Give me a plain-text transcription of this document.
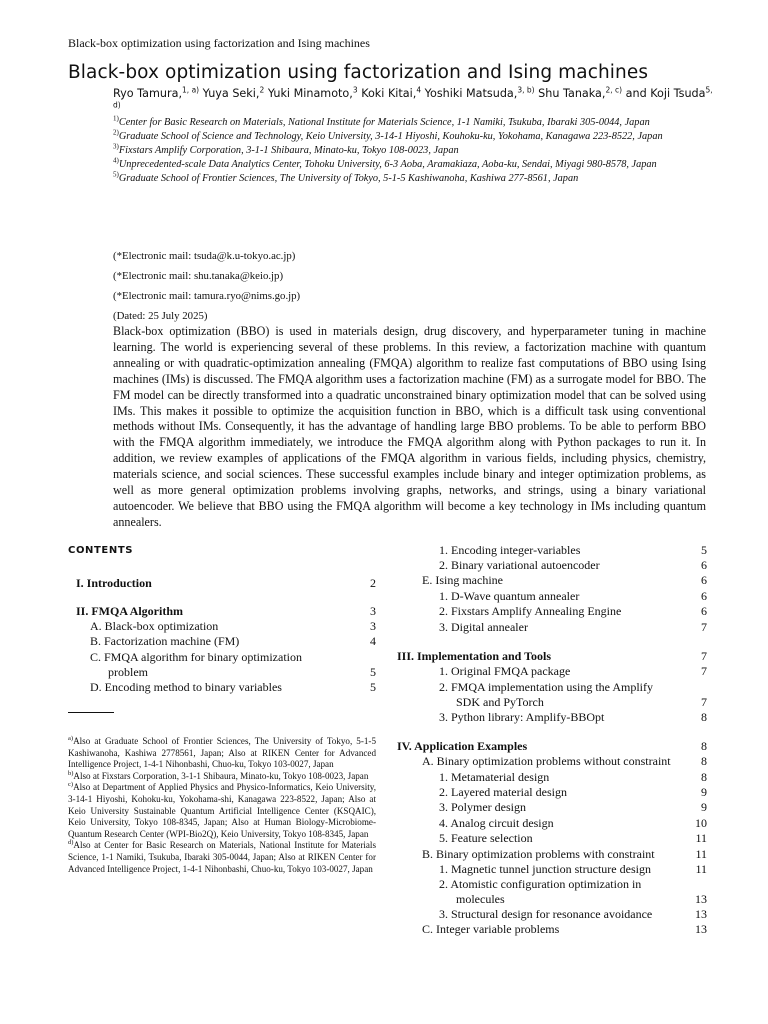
Black-box optimization using factorization and Ising machines
Black-box optimization using factorization and Ising machines
Ryo Tamura,$^{1, a)}$ Yuya Seki,$^2$ Yuki Minamoto,$^3$ Koki Kitai,$^4$ Yoshiki Matsuda,$^{3, b)}$ Shu Tanaka,$^{2, c)}$ and Koji Tsuda$^{5, d)}$
$^{1)}$Center for Basic Research on Materials, National Institute for Materials Science, 1-1 Namiki, Tsukuba, Ibaraki 305-0044, Japan
$^{2)}$Graduate School of Science and Technology, Keio University, 3-14-1 Hiyoshi, Kouhoku-ku, Yokohama, Kanagawa 223-8522, Japan
$^{3)}$Fixstars Amplify Corporation, 3-1-1 Shibaura, Minato-ku, Tokyo 108-0023, Japan
$^{4)}$Unprecedented-scale Data Analytics Center, Tohoku University, 6-3 Aoba, Aramakiaza, Aoba-ku, Sendai, Miyagi 980-8578, Japan
$^{5)}$Graduate School of Frontier Sciences, The University of Tokyo, 5-1-5 Kashiwanoha, Kashiwa 277-8561, Japan
(*Electronic mail: tsuda@k.u-tokyo.ac.jp)
(*Electronic mail: shu.tanaka@keio.jp)
(*Electronic mail: tamura.ryo@nims.go.jp)
(Dated: 25 July 2025)
Black-box optimization (BBO) is used in materials design, drug discovery, and hyperparameter tuning in machine learning. The world is experiencing several of these problems. In this review, a factorization machine with quantum annealing or with quadratic-optimization annealing (FMQA) algorithm to realize fast computations of BBO using Ising machines (IMs) is discussed. The FMQA algorithm uses a factorization machine (FM) as a surrogate model for BBO. The FM model can be directly transformed into a quadratic unconstrained binary optimization model that can be solved using IMs. This makes it possible to optimize the acquisition function in BBO, which is a difficult task using conventional methods without IMs. Consequently, it has the advantage of handling large BBO problems. To be able to perform BBO with the FMQA algorithm immediately, we introduce the FMQA algorithm along with Python packages to run it. In addition, we review examples of applications of the FMQA algorithm in various fields, including physics, chemistry, materials science, and social sciences. These successful examples include binary and integer optimization problems, as well as more general optimization problems involving graphs, networks, and strings, using a binary variational autoencoder. We believe that BBO using the FMQA algorithm will become a key technology in IMs including quantum annealers.
CONTENTS
I. Introduction	2
II. FMQA Algorithm	3
A. Black-box optimization	3
B. Factorization machine (FM)	4
C. FMQA algorithm for binary optimization
problem	5
D. Encoding method to binary variables	5
1. Encoding integer-variables	5
2. Binary variational autoencoder	6
E. Ising machine	6
1. D-Wave quantum annealer	6
2. Fixstars Amplify Annealing Engine	6
3. Digital annealer	7
III. Implementation and Tools	7
1. Original FMQA package	7
2. FMQA implementation using the Amplify
SDK and PyTorch	7
3. Python library: Amplify-BBOpt	8
IV. Application Examples	8
A. Binary optimization problems without constraint	8
1. Metamaterial design	8
2. Layered material design	9
3. Polymer design	9
4. Analog circuit design	10
5. Feature selection	11
B. Binary optimization problems with constraint	11
1. Magnetic tunnel junction structure design	11
2. Atomistic configuration optimization in
molecules	13
3. Structural design for resonance avoidance	13
C. Integer variable problems	13

$^{a)}$Also at Graduate School of Frontier Sciences, The University of Tokyo, 5-1-5 Kashiwanoha, Kashiwa 2778561, Japan; Also at RIKEN Center for Advanced Intelligence Project, 1-4-1 Nihonbashi, Chuo-ku, Tokyo 103-0027, Japan

$^{b)}$Also at Fixstars Corporation, 3-1-1 Shibaura, Minato-ku, Tokyo 108-0023, Japan

$^{c)}$Also at Department of Applied Physics and Physico-Informatics, Keio University, 3-14-1 Hiyoshi, Kohoku-ku, Yokohama-shi, Kanagawa 223-8522, Japan; Also at Keio University Sustainable Quantum Artificial Intelligence Center (KSQAIC), Keio University, Tokyo 108-8345, Japan; Also at Human Biology-Microbiome-Quantum Research Center (WPI-Bio2Q), Keio University, Tokyo 108-8345, Japan

$^{d)}$Also at Center for Basic Research on Materials, National Institute for Materials Science, 1-1 Namiki, Tsukuba, Ibaraki 305-0044, Japan; Also at RIKEN Center for Advanced Intelligence Project, 1-4-1 Nihonbashi, Chuo-ku, Tokyo 103-0027, Japan
